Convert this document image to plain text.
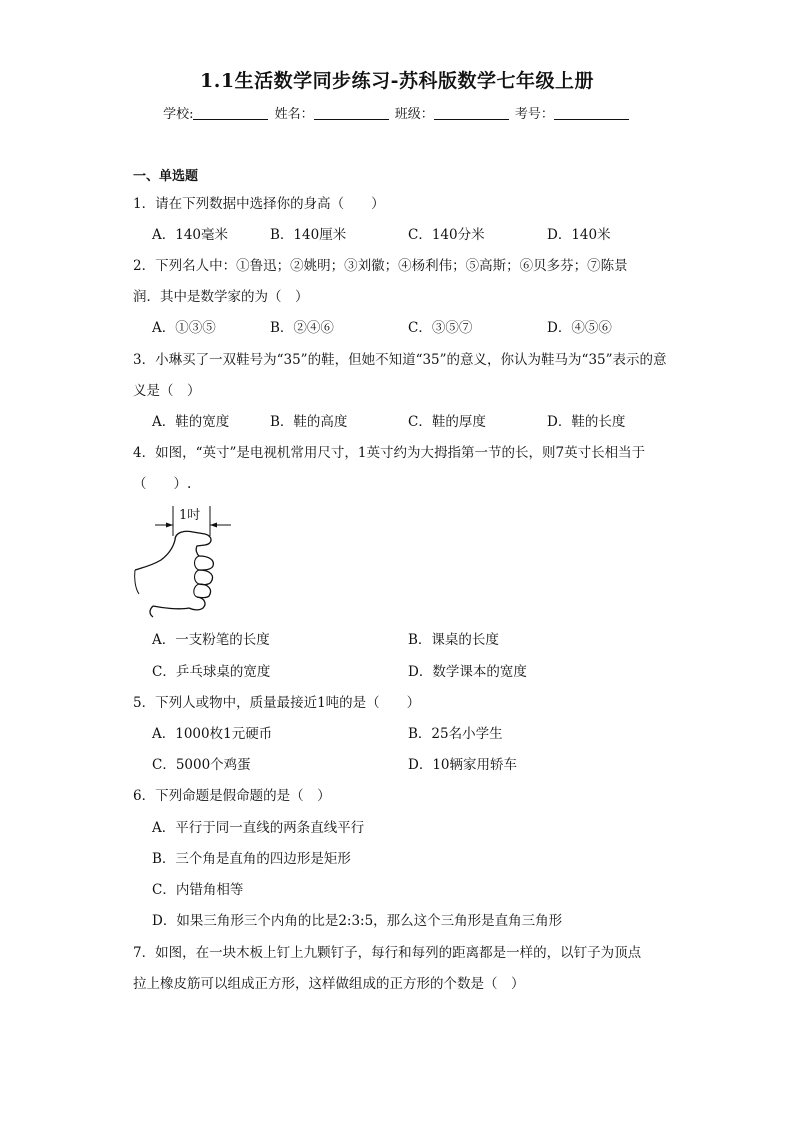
1.1生活数学同步练习-苏科版数学七年级上册
学校:	姓名：	班级：	考号：
一、单选题
1．请在下列数据中选择你的身高（　　）
A．140毫米	B．140厘米	C．140分米	D．140米
2．下列名人中：①鲁迅；②姚明；③刘徽；④杨利伟；⑤高斯；⑥贝多芬；⑦陈景
润．其中是数学家的为（　）
A．①③⑤	B．②④⑥	C．③⑤⑦	D．④⑤⑥
3．小琳买了一双鞋号为“35”的鞋，但她不知道“35”的意义，你认为鞋马为“35”表示的意
义是（　）
A．鞋的宽度	B．鞋的高度	C．鞋的厚度	D．鞋的长度
4．如图，“英寸”是电视机常用尺寸，1英寸约为大拇指第一节的长，则7英寸长相当于
（　　）.
1吋
A．一支粉笔的长度	B．课桌的长度
C．乒乓球桌的宽度	D．数学课本的宽度
5．下列人或物中，质量最接近1吨的是（　　）
A．1000枚1元硬币	B．25名小学生
C．5000个鸡蛋	D．10辆家用轿车
6．下列命题是假命题的是（　）
A．平行于同一直线的两条直线平行
B．三个角是直角的四边形是矩形
C．内错角相等
D．如果三角形三个内角的比是2:3:5，那么这个三角形是直角三角形
7．如图，在一块木板上钉上九颗钉子，每行和每列的距离都是一样的，以钉子为顶点
拉上橡皮筋可以组成正方形，这样做组成的正方形的个数是（　）
